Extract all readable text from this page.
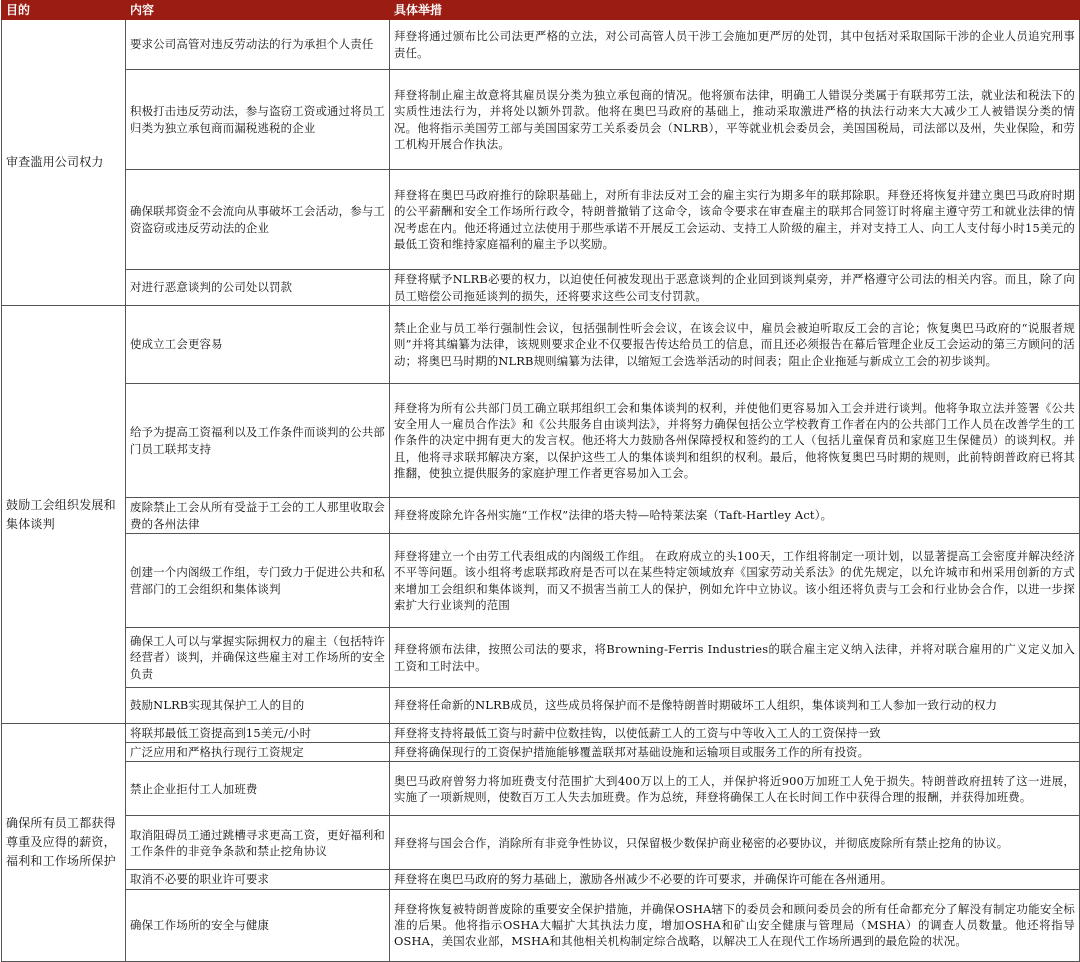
目的	内容	具体举措
审查滥用公司权力	要求公司高管对违反劳动法的行为承担个人责任	拜登将通过颁布比公司法更严格的立法，对公司高管人员干涉工会施加更严厉的处罚，其中包括对采取国际干涉的企业人员追究刑事责任。
	积极打击违反劳动法，参与盗窃工资或通过将员工归类为独立承包商而漏税逃税的企业	拜登将制止雇主故意将其雇员误分类为独立承包商的情况。他将颁布法律，明确工人错误分类属于有联邦劳工法，就业法和税法下的实质性违法行为，并将处以额外罚款。他将在奥巴马政府的基础上，推动采取激进严格的执法行动来大大减少工人被错误分类的情况。他将指示美国劳工部与美国国家劳工关系委员会（NLRB），平等就业机会委员会，美国国税局，司法部以及州，失业保险，和劳工机构开展合作执法。
	确保联邦资金不会流向从事破坏工会活动，参与工资盗窃或违反劳动法的企业	拜登将在奥巴马政府推行的除职基础上，对所有非法反对工会的雇主实行为期多年的联邦除职。拜登还将恢复并建立奥巴马政府时期的公平薪酬和安全工作场所行政令，特朗普撤销了这命令，该命令要求在审查雇主的联邦合同签订时将雇主遵守劳工和就业法律的情况考虑在内。他还将通过立法使用于那些承诺不开展反工会运动、支持工人阶级的雇主，并对支持工人、向工人支付每小时15美元的最低工资和维持家庭福利的雇主予以奖励。
	对进行恶意谈判的公司处以罚款	拜登将赋予NLRB必要的权力，以迫使任何被发现出于恶意谈判的企业回到谈判桌旁，并严格遵守公司法的相关内容。而且，除了向员工赔偿公司拖延谈判的损失，还将要求这些公司支付罚款。
鼓励工会组织发展和集体谈判	使成立工会更容易	禁止企业与员工举行强制性会议，包括强制性听会会议，在该会议中，雇员会被迫听取反工会的言论；恢复奥巴马政府的“说服者规则”并将其编纂为法律，该规则要求企业不仅要报告传达给员工的信息，而且还必须报告在幕后管理企业反工会运动的第三方顾问的活动；将奥巴马时期的NLRB规则编纂为法律，以缩短工会选举活动的时间表；阻止企业拖延与新成立工会的初步谈判。
	给予为提高工资福利以及工作条件而谈判的公共部门员工联邦支持	拜登将为所有公共部门员工确立联邦组织工会和集体谈判的权利，并使他们更容易加入工会并进行谈判。他将争取立法并签署《公共安全用人一雇员合作法》和《公共服务自由谈判法》，并将努力确保包括公立学校教育工作者在内的公共部门工作人员在改善学生的工作条件的决定中拥有更大的发言权。他还将大力鼓励各州保障授权和签约的工人（包括儿童保育员和家庭卫生保健员）的谈判权。并且，他将寻求联邦解决方案，以保护这些工人的集体谈判和组织的权利。最后，他将恢复奥巴马时期的规则，此前特朗普政府已将其推翻，使独立提供服务的家庭护理工作者更容易加入工会。
	废除禁止工会从所有受益于工会的工人那里收取会费的各州法律	拜登将废除允许各州实施“工作权”法律的塔夫特—哈特莱法案（Taft-Hartley Act）。
	创建一个内阁级工作组，专门致力于促进公共和私营部门的工会组织和集体谈判	拜登将建立一个由劳工代表组成的内阁级工作组。 在政府成立的头100天，工作组将制定一项计划，以显著提高工会密度并解决经济不平等问题。该小组将考虑联邦政府是否可以在某些特定领域放弃《国家劳动关系法》的优先规定，以允许城市和州采用创新的方式来增加工会组织和集体谈判，而又不损害当前工人的保护，例如允许中立协议。该小组还将负责与工会和行业协会合作，以进一步探索扩大行业谈判的范围
	确保工人可以与掌握实际拥权力的雇主（包括特许经营者）谈判，并确保这些雇主对工作场所的安全负责	拜登将颁布法律，按照公司法的要求，将Browning-Ferris Industries的联合雇主定义纳入法律，并将对联合雇用的广义定义加入工资和工时法中。
	鼓励NLRB实现其保护工人的目的	拜登将任命新的NLRB成员，这些成员将保护而不是像特朗普时期破坏工人组织，集体谈判和工人参加一致行动的权力
确保所有员工都获得尊重及应得的薪资，福利和工作场所保护	将联邦最低工资提高到15美元/小时	拜登将支持将最低工资与时薪中位数挂钩，以使低薪工人的工资与中等收入工人的工资保持一致
	广泛应用和严格执行现行工资规定	拜登将确保现行的工资保护措施能够覆盖联邦对基础设施和运输项目或服务工作的所有投资。
	禁止企业拒付工人加班费	奥巴马政府曾努力将加班费支付范围扩大到400万以上的工人，并保护将近900万加班工人免于损失。特朗普政府扭转了这一进展，实施了一项新规则，使数百万工人失去加班费。作为总统，拜登将确保工人在长时间工作中获得合理的报酬，并获得加班费。
	取消阻碍员工通过跳槽寻求更高工资，更好福利和工作条件的非竞争条款和禁止挖角协议	拜登将与国会合作，消除所有非竞争性协议，只保留极少数保护商业秘密的必要协议，并彻底废除所有禁止挖角的协议。
	取消不必要的职业许可要求	拜登将在奥巴马政府的努力基础上，激励各州减少不必要的许可要求，并确保许可能在各州通用。
	确保工作场所的安全与健康	拜登将恢复被特朗普废除的重要安全保护措施，并确保OSHA辖下的委员会和顾问委员会的所有任命都充分了解没有制定功能安全标准的后果。他将指示OSHA大幅扩大其执法力度，增加OSHA和矿山安全健康与管理局（MSHA）的调查人员数量。他还将指导OSHA，美国农业部，MSHA和其他相关机构制定综合战略，以解决工人在现代工作场所遇到的最危险的状况。
